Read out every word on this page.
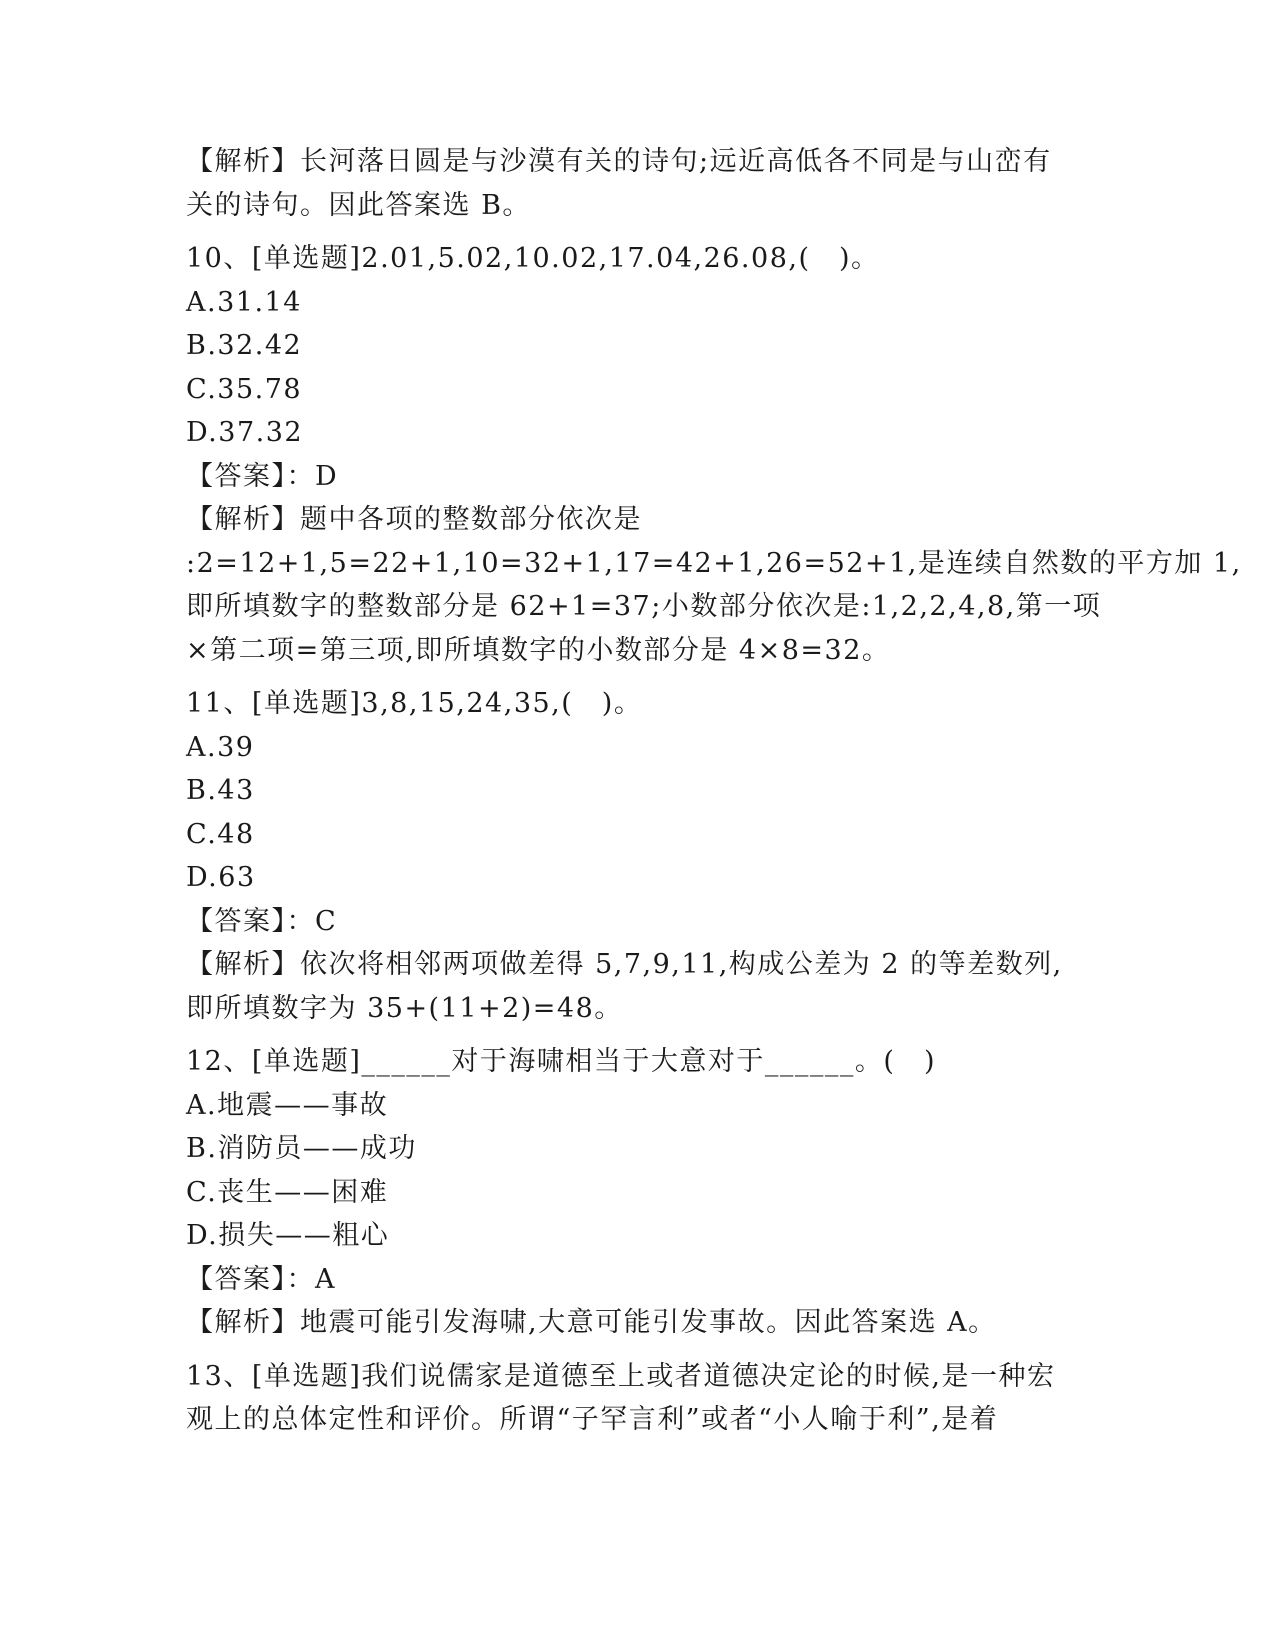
【解析】长河落日圆是与沙漠有关的诗句;远近高低各不同是与山峦有
关的诗句。因此答案选 B。
10、[单选题]2.01,5.02,10.02,17.04,26.08,(　)。
A.31.14
B.32.42
C.35.78
D.37.32
【答案】：D
【解析】题中各项的整数部分依次是
:2=12+1,5=22+1,10=32+1,17=42+1,26=52+1,是连续自然数的平方加 1,
即所填数字的整数部分是 62+1=37;小数部分依次是:1,2,2,4,8,第一项
×第二项=第三项,即所填数字的小数部分是 4×8=32。
11、[单选题]3,8,15,24,35,(　)。
A.39
B.43
C.48
D.63
【答案】：C
【解析】依次将相邻两项做差得 5,7,9,11,构成公差为 2 的等差数列,
即所填数字为 35+(11+2)=48。
12、[单选题]______对于海啸相当于大意对于______。(　)
A.地震——事故
B.消防员——成功
C.丧生——困难
D.损失——粗心
【答案】：A
【解析】地震可能引发海啸,大意可能引发事故。因此答案选 A。
13、[单选题]我们说儒家是道德至上或者道德决定论的时候,是一种宏
观上的总体定性和评价。所谓“子罕言利”或者“小人喻于利”,是着
